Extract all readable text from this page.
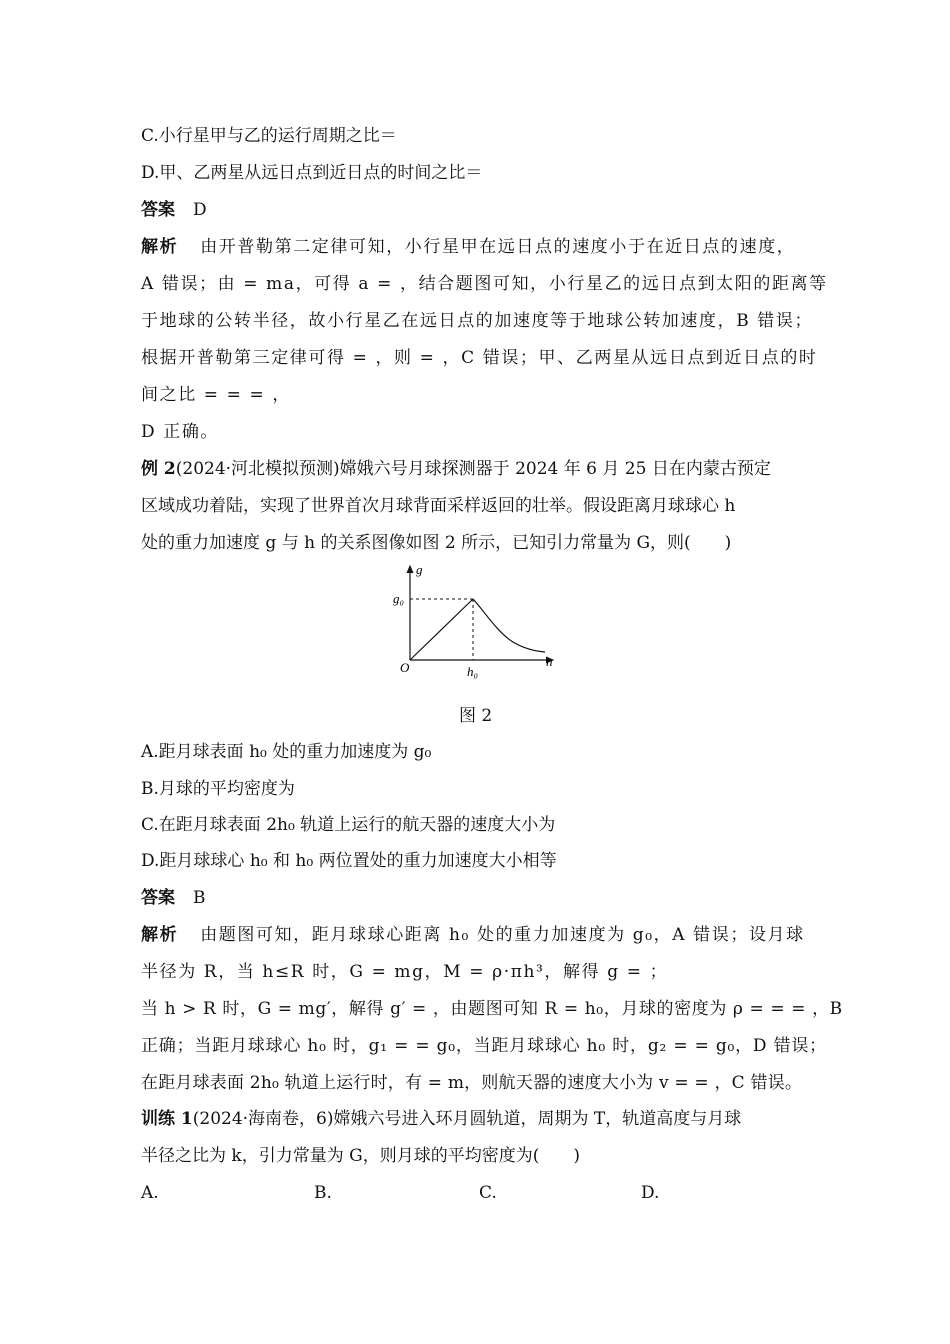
C.小行星甲与乙的运行周期之比＝
D.甲、乙两星从远日点到近日点的时间之比＝
答案 D
解析 由开普勒第二定律可知，小行星甲在远日点的速度小于在近日点的速度，
A 错误；由 = ma，可得 a = ，结合题图可知，小行星乙的远日点到太阳的距离等
于地球的公转半径，故小行星乙在远日点的加速度等于地球公转加速度，B 错误；
根据开普勒第三定律可得 = ，则 = ，C 错误；甲、乙两星从远日点到近日点的时
间之比 = = = ，
D 正确。
例 2(2024·河北模拟预测)嫦娥六号月球探测器于 2024 年 6 月 25 日在内蒙古预定
区域成功着陆，实现了世界首次月球背面采样返回的壮举。假设距离月球球心 h
处的重力加速度 g 与 h 的关系图像如图 2 所示，已知引力常量为 G，则(　　)
g
g₀
h
h₀
O
图 2
A.距月球表面 h₀ 处的重力加速度为 g₀
B.月球的平均密度为
C.在距月球表面 2h₀ 轨道上运行的航天器的速度大小为
D.距月球球心 h₀ 和 h₀ 两位置处的重力加速度大小相等
答案 B
解析 由题图可知，距月球球心距离 h₀ 处的重力加速度为 g₀，A 错误；设月球
半径为 R，当 h≤R 时，G = mg，M = ρ·πh³，解得 g = ；
当 h > R 时，G = mg′，解得 g′ = ，由题图可知 R = h₀，月球的密度为 ρ = = = ，B
正确；当距月球球心 h₀ 时，g₁ = = g₀，当距月球球心 h₀ 时，g₂ = = g₀，D 错误；
在距月球表面 2h₀ 轨道上运行时，有 = m，则航天器的速度大小为 v = = ，C 错误。
训练 1(2024·海南卷，6)嫦娥六号进入环月圆轨道，周期为 T，轨道高度与月球
半径之比为 k，引力常量为 G，则月球的平均密度为(　　)
A.	B.	C.	D.
